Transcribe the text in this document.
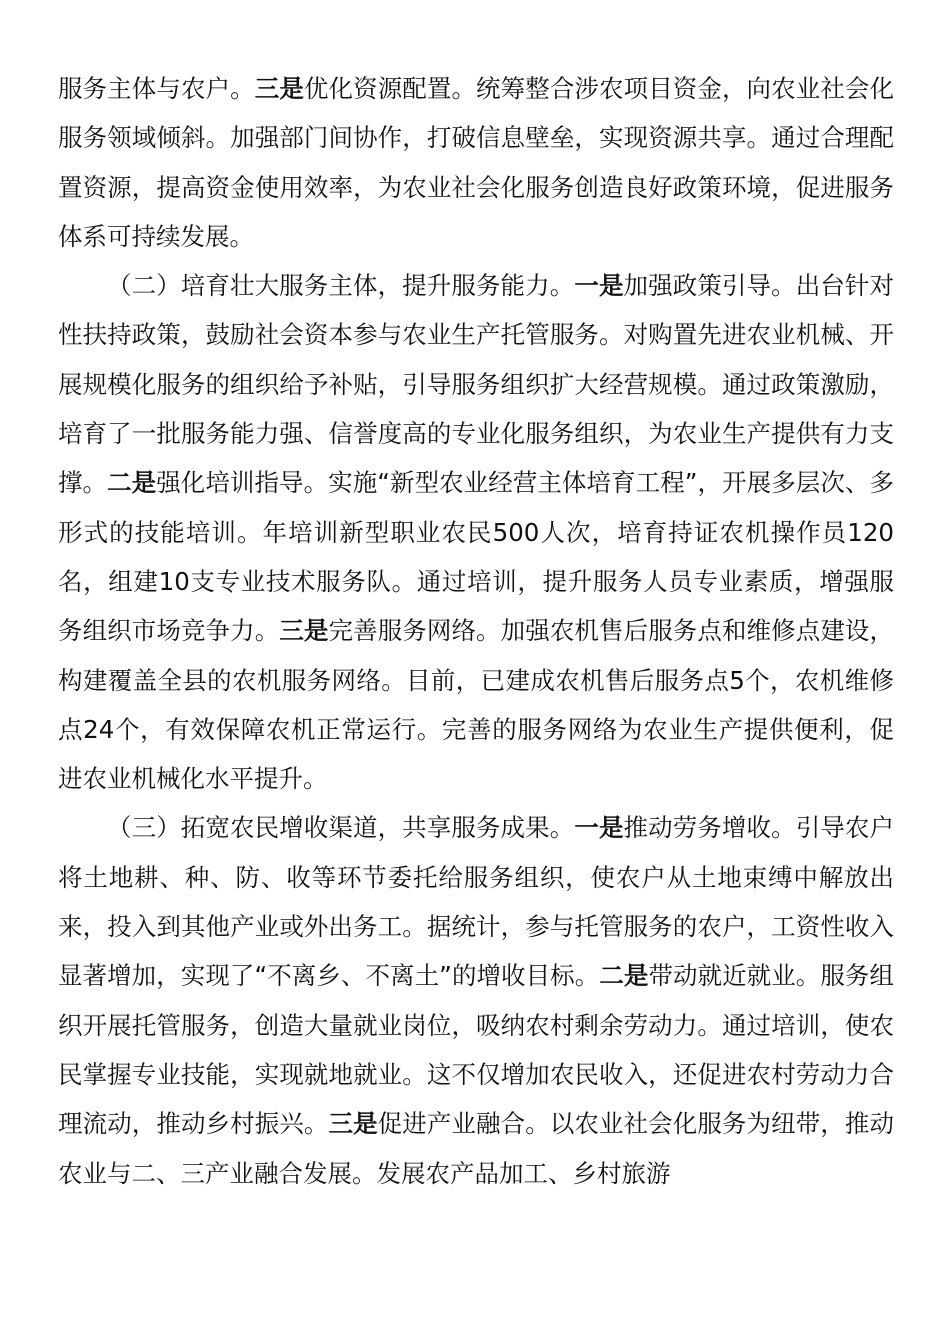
服务主体与农户。三是优化资源配置。统筹整合涉农项目资金，向农业社会化服务领域倾斜。加强部门间协作，打破信息壁垒，实现资源共享。通过合理配置资源，提高资金使用效率，为农业社会化服务创造良好政策环境，促进服务体系可持续发展。

（二）培育壮大服务主体，提升服务能力。一是加强政策引导。出台针对性扶持政策，鼓励社会资本参与农业生产托管服务。对购置先进农业机械、开展规模化服务的组织给予补贴，引导服务组织扩大经营规模。通过政策激励，培育了一批服务能力强、信誉度高的专业化服务组织，为农业生产提供有力支撑。二是强化培训指导。实施“新型农业经营主体培育工程”，开展多层次、多形式的技能培训。年培训新型职业农民500人次，培育持证农机操作员120名，组建10支专业技术服务队。通过培训，提升服务人员专业素质，增强服务组织市场竞争力。三是完善服务网络。加强农机售后服务点和维修点建设，构建覆盖全县的农机服务网络。目前，已建成农机售后服务点5个，农机维修点24个，有效保障农机正常运行。完善的服务网络为农业生产提供便利，促进农业机械化水平提升。

（三）拓宽农民增收渠道，共享服务成果。一是推动劳务增收。引导农户将土地耕、种、防、收等环节委托给服务组织，使农户从土地束缚中解放出来，投入到其他产业或外出务工。据统计，参与托管服务的农户，工资性收入显著增加，实现了“不离乡、不离土”的增收目标。二是带动就近就业。服务组织开展托管服务，创造大量就业岗位，吸纳农村剩余劳动力。通过培训，使农民掌握专业技能，实现就地就业。这不仅增加农民收入，还促进农村劳动力合理流动，推动乡村振兴。三是促进产业融合。以农业社会化服务为纽带，推动农业与二、三产业融合发展。发展农产品加工、乡村旅游
